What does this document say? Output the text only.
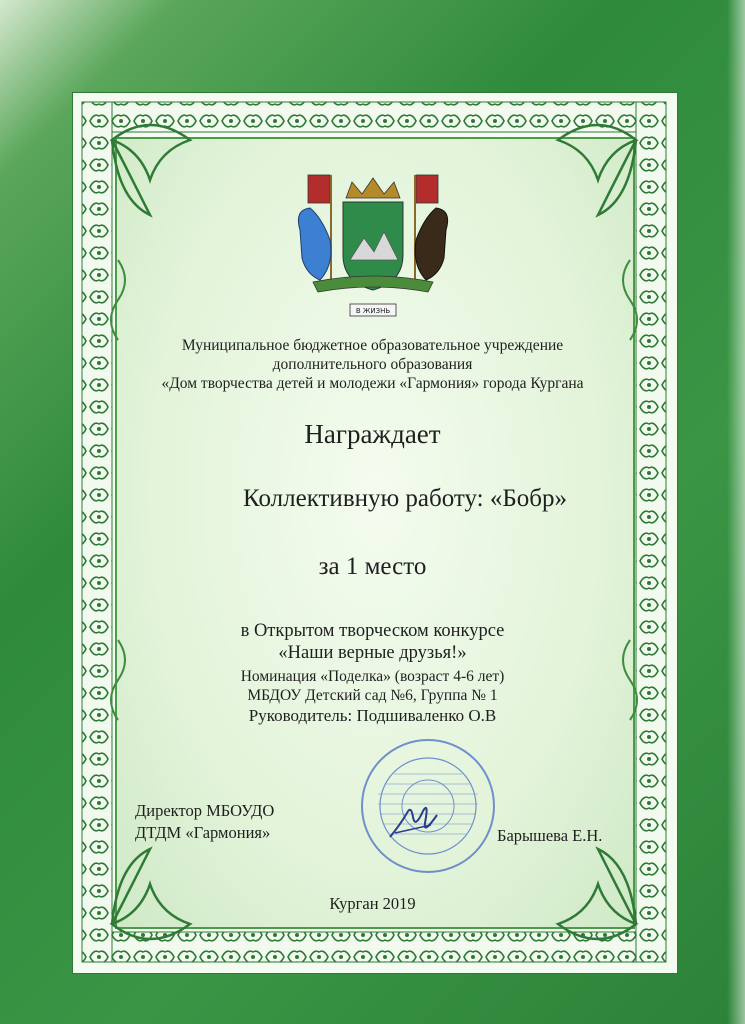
В ЖИЗНЬ
Муниципальное бюджетное образовательное учреждение
дополнительного образования
«Дом творчества детей и молодежи «Гармония» города Кургана
Награждает
Коллективную работу: «Бобр»
за 1 место
в Открытом творческом конкурсе
«Наши верные друзья!»
Номинация «Поделка» (возраст 4-6 лет)
МБДОУ Детский сад №6, Группа № 1
Руководитель: Подшиваленко О.В
Директор МБОУДО
ДТДМ «Гармония»	Барышева Е.Н.
Курган 2019
